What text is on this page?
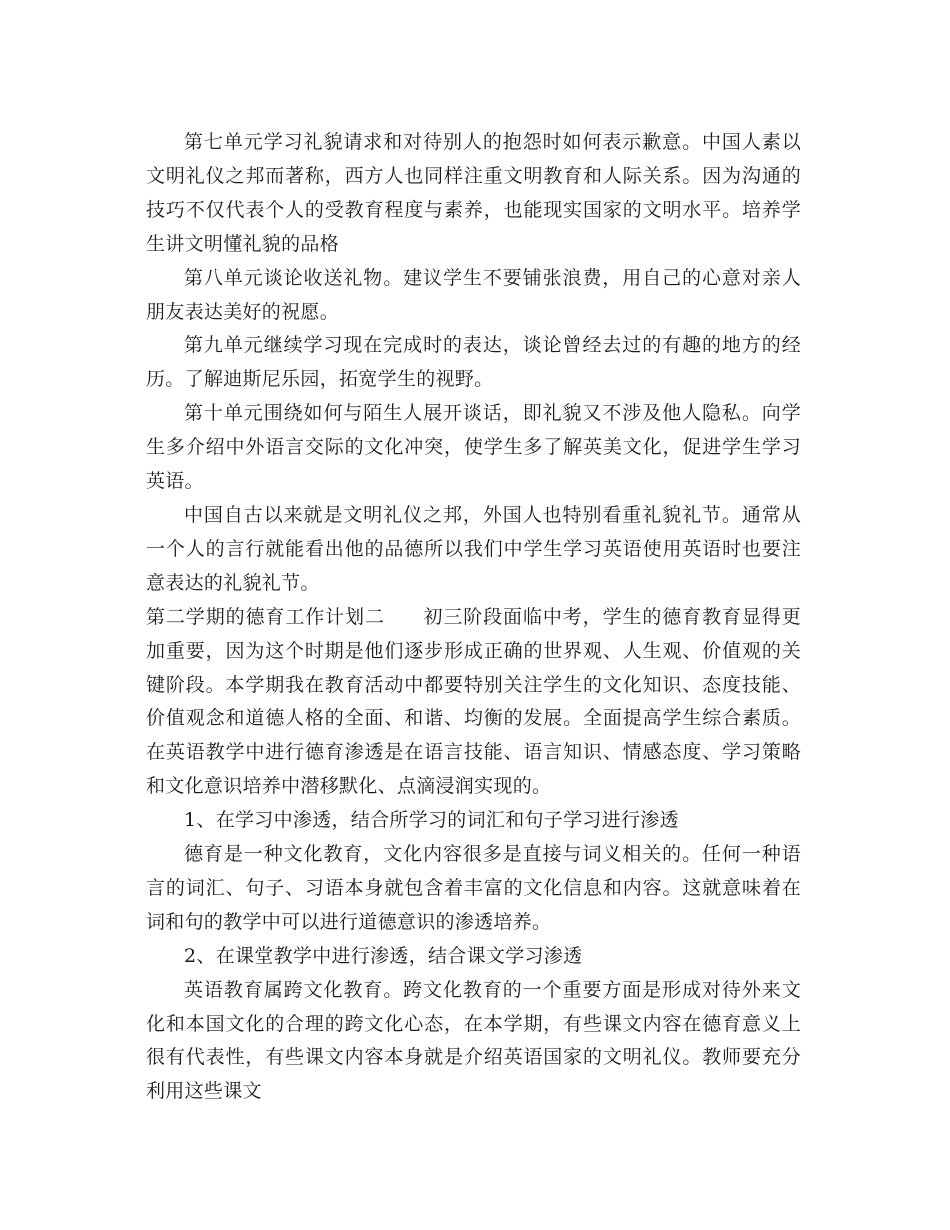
第七单元学习礼貌请求和对待别人的抱怨时如何表示歉意。中国人素以文明礼仪之邦而著称，西方人也同样注重文明教育和人际关系。因为沟通的技巧不仅代表个人的受教育程度与素养，也能现实国家的文明水平。培养学生讲文明懂礼貌的品格

第八单元谈论收送礼物。建议学生不要铺张浪费，用自己的心意对亲人朋友表达美好的祝愿。

第九单元继续学习现在完成时的表达，谈论曾经去过的有趣的地方的经历。了解迪斯尼乐园，拓宽学生的视野。

第十单元围绕如何与陌生人展开谈话，即礼貌又不涉及他人隐私。向学生多介绍中外语言交际的文化冲突，使学生多了解英美文化，促进学生学习英语。

中国自古以来就是文明礼仪之邦，外国人也特别看重礼貌礼节。通常从一个人的言行就能看出他的品德所以我们中学生学习英语使用英语时也要注意表达的礼貌礼节。

第二学期的德育工作计划二 初三阶段面临中考，学生的德育教育显得更加重要，因为这个时期是他们逐步形成正确的世界观、人生观、价值观的关键阶段。本学期我在教育活动中都要特别关注学生的文化知识、态度技能、价值观念和道德人格的全面、和谐、均衡的发展。全面提高学生综合素质。在英语教学中进行德育渗透是在语言技能、语言知识、情感态度、学习策略和文化意识培养中潜移默化、点滴浸润实现的。

1、在学习中渗透，结合所学习的词汇和句子学习进行渗透

德育是一种文化教育，文化内容很多是直接与词义相关的。任何一种语言的词汇、句子、习语本身就包含着丰富的文化信息和内容。这就意味着在词和句的教学中可以进行道德意识的渗透培养。

2、在课堂教学中进行渗透，结合课文学习渗透

英语教育属跨文化教育。跨文化教育的一个重要方面是形成对待外来文化和本国文化的合理的跨文化心态，在本学期，有些课文内容在德育意义上很有代表性，有些课文内容本身就是介绍英语国家的文明礼仪。教师要充分利用这些课文
